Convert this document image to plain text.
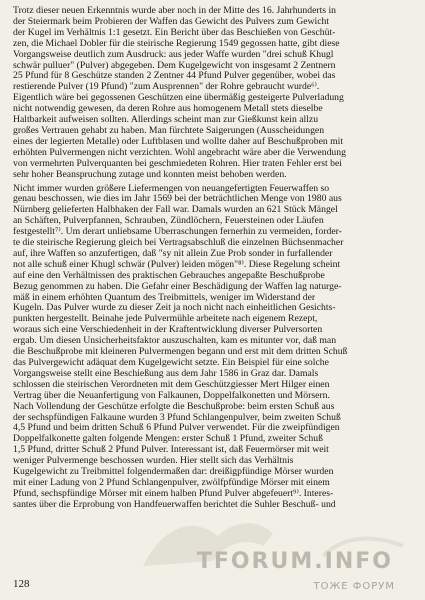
Trotz dieser neuen Erkenntnis wurde aber noch in der Mitte des 16. Jahrhunderts in
der Steiermark beim Probieren der Waffen das Gewicht des Pulvers zum Gewicht
der Kugel im Verhältnis 1:1 gesetzt. Ein Bericht über das Beschießen von Geschüt-
zen, die Michael Dobler für die steirische Regierung 1549 gegossen hatte, gibt diese
Vorgangsweise deutlich zum Ausdruck: aus jeder Waffe wurden "drei schuß Khugl
schwär pulluer" (Pulver) abgegeben. Dem Kugelgewicht von insgesamt 2 Zentnern
25 Pfund für 8 Geschütze standen 2 Zentner 44 Pfund Pulver gegenüber, wobei das
restierende Pulver (19 Pfund) "zum Ausprennen" der Rohre gebraucht wurde⁶⁾.
Eigentlich wäre bei gegossenen Geschützen eine übermäßig gesteigerte Pulverladung
nicht notwendig gewesen, da deren Rohre aus homogenem Metall stets dieselbe
Haltbarkeit aufweisen sollten. Allerdings scheint man zur Gießkunst kein allzu
großes Vertrauen gehabt zu haben. Man fürchtete Saigerungen (Ausscheidungen
eines der legierten Metalle) oder Luftblasen und wollte daher auf Beschußproben mit
erhöhten Pulvermengen nicht verzichten. Wohl angebracht wäre aber die Verwendung
von vermehrten Pulverquanten bei geschmiedeten Rohren. Hier traten Fehler erst bei
sehr hoher Beanspruchung zutage und konnten meist behoben werden.
Nicht immer wurden größere Liefermengen von neuangefertigten Feuerwaffen so
genau beschossen, wie dies im Jahr 1569 bei der beträchtlichen Menge von 1980 aus
Nürnberg gelieferten Halbhaken der Fall war. Damals wurden an 621 Stück Mängel
an Schäften, Pulverpfannen, Schrauben, Zündlöchern, Feuersteinen oder Läufen
festgestellt⁷⁾. Um derart unliebsame Überraschungen fernerhin zu vermeiden, forder-
te die steirische Regierung gleich bei Vertragsabschluß die einzelnen Büchsenmacher
auf, ihre Waffen so anzufertigen, daß "sy nit allein Zue Prob sonder in furfallender
not alle schuß einer Khugl schwär (Pulver) leiden mögen"⁸⁾. Diese Regelung scheint
auf eine den Verhältnissen des praktischen Gebrauches angepaßte Beschußprobe
Bezug genommen zu haben. Die Gefahr einer Beschädigung der Waffen lag naturge-
mäß in einem erhöhten Quantum des Treibmittels, weniger im Widerstand der
Kugeln. Das Pulver wurde zu dieser Zeit ja noch nicht nach einheitlichen Gesichts-
punkten hergestellt. Beinahe jede Pulvermühle arbeitete nach eigenem Rezept,
woraus sich eine Verschiedenheit in der Kraftentwicklung diverser Pulversorten
ergab. Um diesen Unsicherheitsfaktor auszuschalten, kam es mitunter vor, daß man
die Beschußprobe mit kleineren Pulvermengen begann und erst mit dem dritten Schuß
das Pulvergewicht adäquat dem Kugelgewicht setzte. Ein Beispiel für eine solche
Vorgangsweise stellt eine Beschießung aus dem Jahr 1586 in Graz dar. Damals
schlossen die steirischen Verordneten mit dem Geschützgiesser Mert Hilger einen
Vertrag über die Neuanfertigung von Falkaunen, Doppelfalkonetten und Mörsern.
Nach Vollendung der Geschütze erfolgte die Beschußprobe: beim ersten Schuß aus
der sechspfündigen Falkaune wurden 3 Pfund Schlangenpulver, beim zweiten Schuß
4,5 Pfund und beim dritten Schuß 6 Pfund Pulver verwendet. Für die zweipfündigen
Doppelfalkonette galten folgende Mengen: erster Schuß 1 Pfund, zweiter Schuß
1,5 Pfund, dritter Schuß 2 Pfund Pulver. Interessant ist, daß Feuermörser mit weit
weniger Pulvermenge beschossen wurden. Hier stellt sich das Verhältnis
Kugelgewicht zu Treibmittel folgendermaßen dar: dreißigpfündige Mörser wurden
mit einer Ladung von 2 Pfund Schlangenpulver, zwölfpfündige Mörser mit einem
Pfund, sechspfündige Mörser mit einem halben Pfund Pulver abgefeuert⁹⁾. Interes-
santes über die Erprobung von Handfeuerwaffen berichtet die Suhler Beschuß- und
TFORUM.INFO
ТОЖЕ ФОРУМ
128
